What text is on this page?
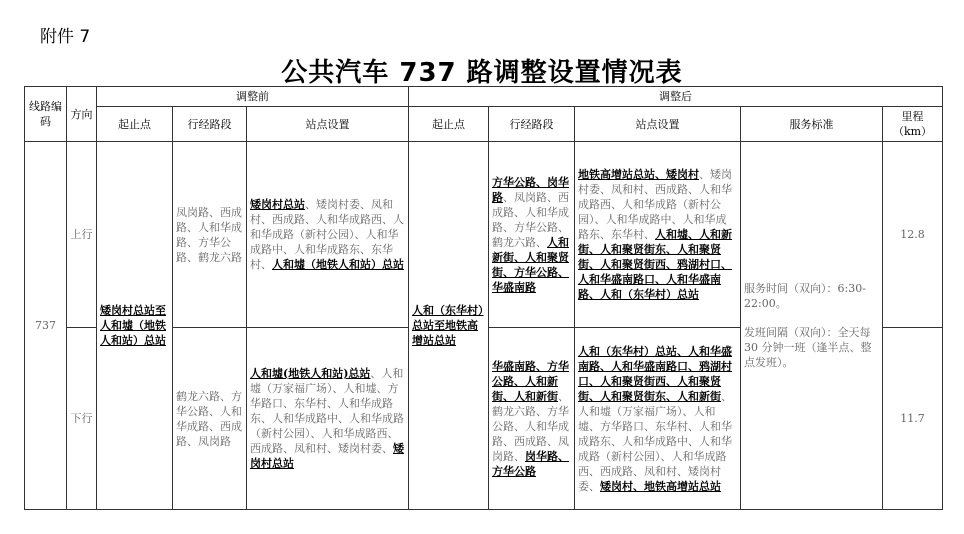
附件 7
公共汽车 737 路调整设置情况表
线路编码	方向	调整前			调整后				
		起止点	行经路段	站点设置	起止点	行经路段	站点设置	服务标准	里程（km）
737	上行	矮岗村总站至人和墟（地铁人和站）总站	凤岗路、西成路、人和华成路、方华公路、鹤龙六路	矮岗村总站、矮岗村委、凤和村、西成路、人和华成路西、人和华成路（新村公园）、人和华成路中、人和华成路东、东华村、人和墟（地铁人和站）总站	人和（东华村）总站至地铁高增站总站	方华公路、岗华路、凤岗路、西成路、人和华成路、方华公路、鹤龙六路、人和新街、人和聚贤街、方华公路、华盛南路	地铁高增站总站、矮岗村、矮岗村委、凤和村、西成路、人和华成路西、人和华成路（新村公园）、人和华成路中、人和华成路东、东华村、人和墟、人和新街、人和聚贤街东、人和聚贤街、人和聚贤街西、鸦湖村口、人和华盛南路口、人和华盛南路、人和（东华村）总站	服务时间（双向）：6:30-22:00。
发班间隔（双向）：全天每 30 分钟一班（逢半点、整点发班）。	12.8
	下行		鹤龙六路、方华公路、人和华成路、西成路、凤岗路	人和墟(地铁人和站)总站、人和墟（万家福广场）、人和墟、方华路口、东华村、人和华成路东、人和华成路中、人和华成路（新村公园）、人和华成路西、西成路、凤和村、矮岗村委、矮岗村总站		华盛南路、方华公路、人和新街、人和新街、鹤龙六路、方华公路、人和华成路、西成路、凤岗路、岗华路、方华公路	人和（东华村）总站、人和华盛南路、人和华盛南路口、鸦湖村口、人和聚贤街西、人和聚贤街、人和聚贤街东、人和新街、人和墟（万家福广场）、人和墟、方华路口、东华村、人和华成路东、人和华成路中、人和华成路（新村公园）、人和华成路西、西成路、凤和村、矮岗村委、矮岗村、地铁高增站总站		11.7
